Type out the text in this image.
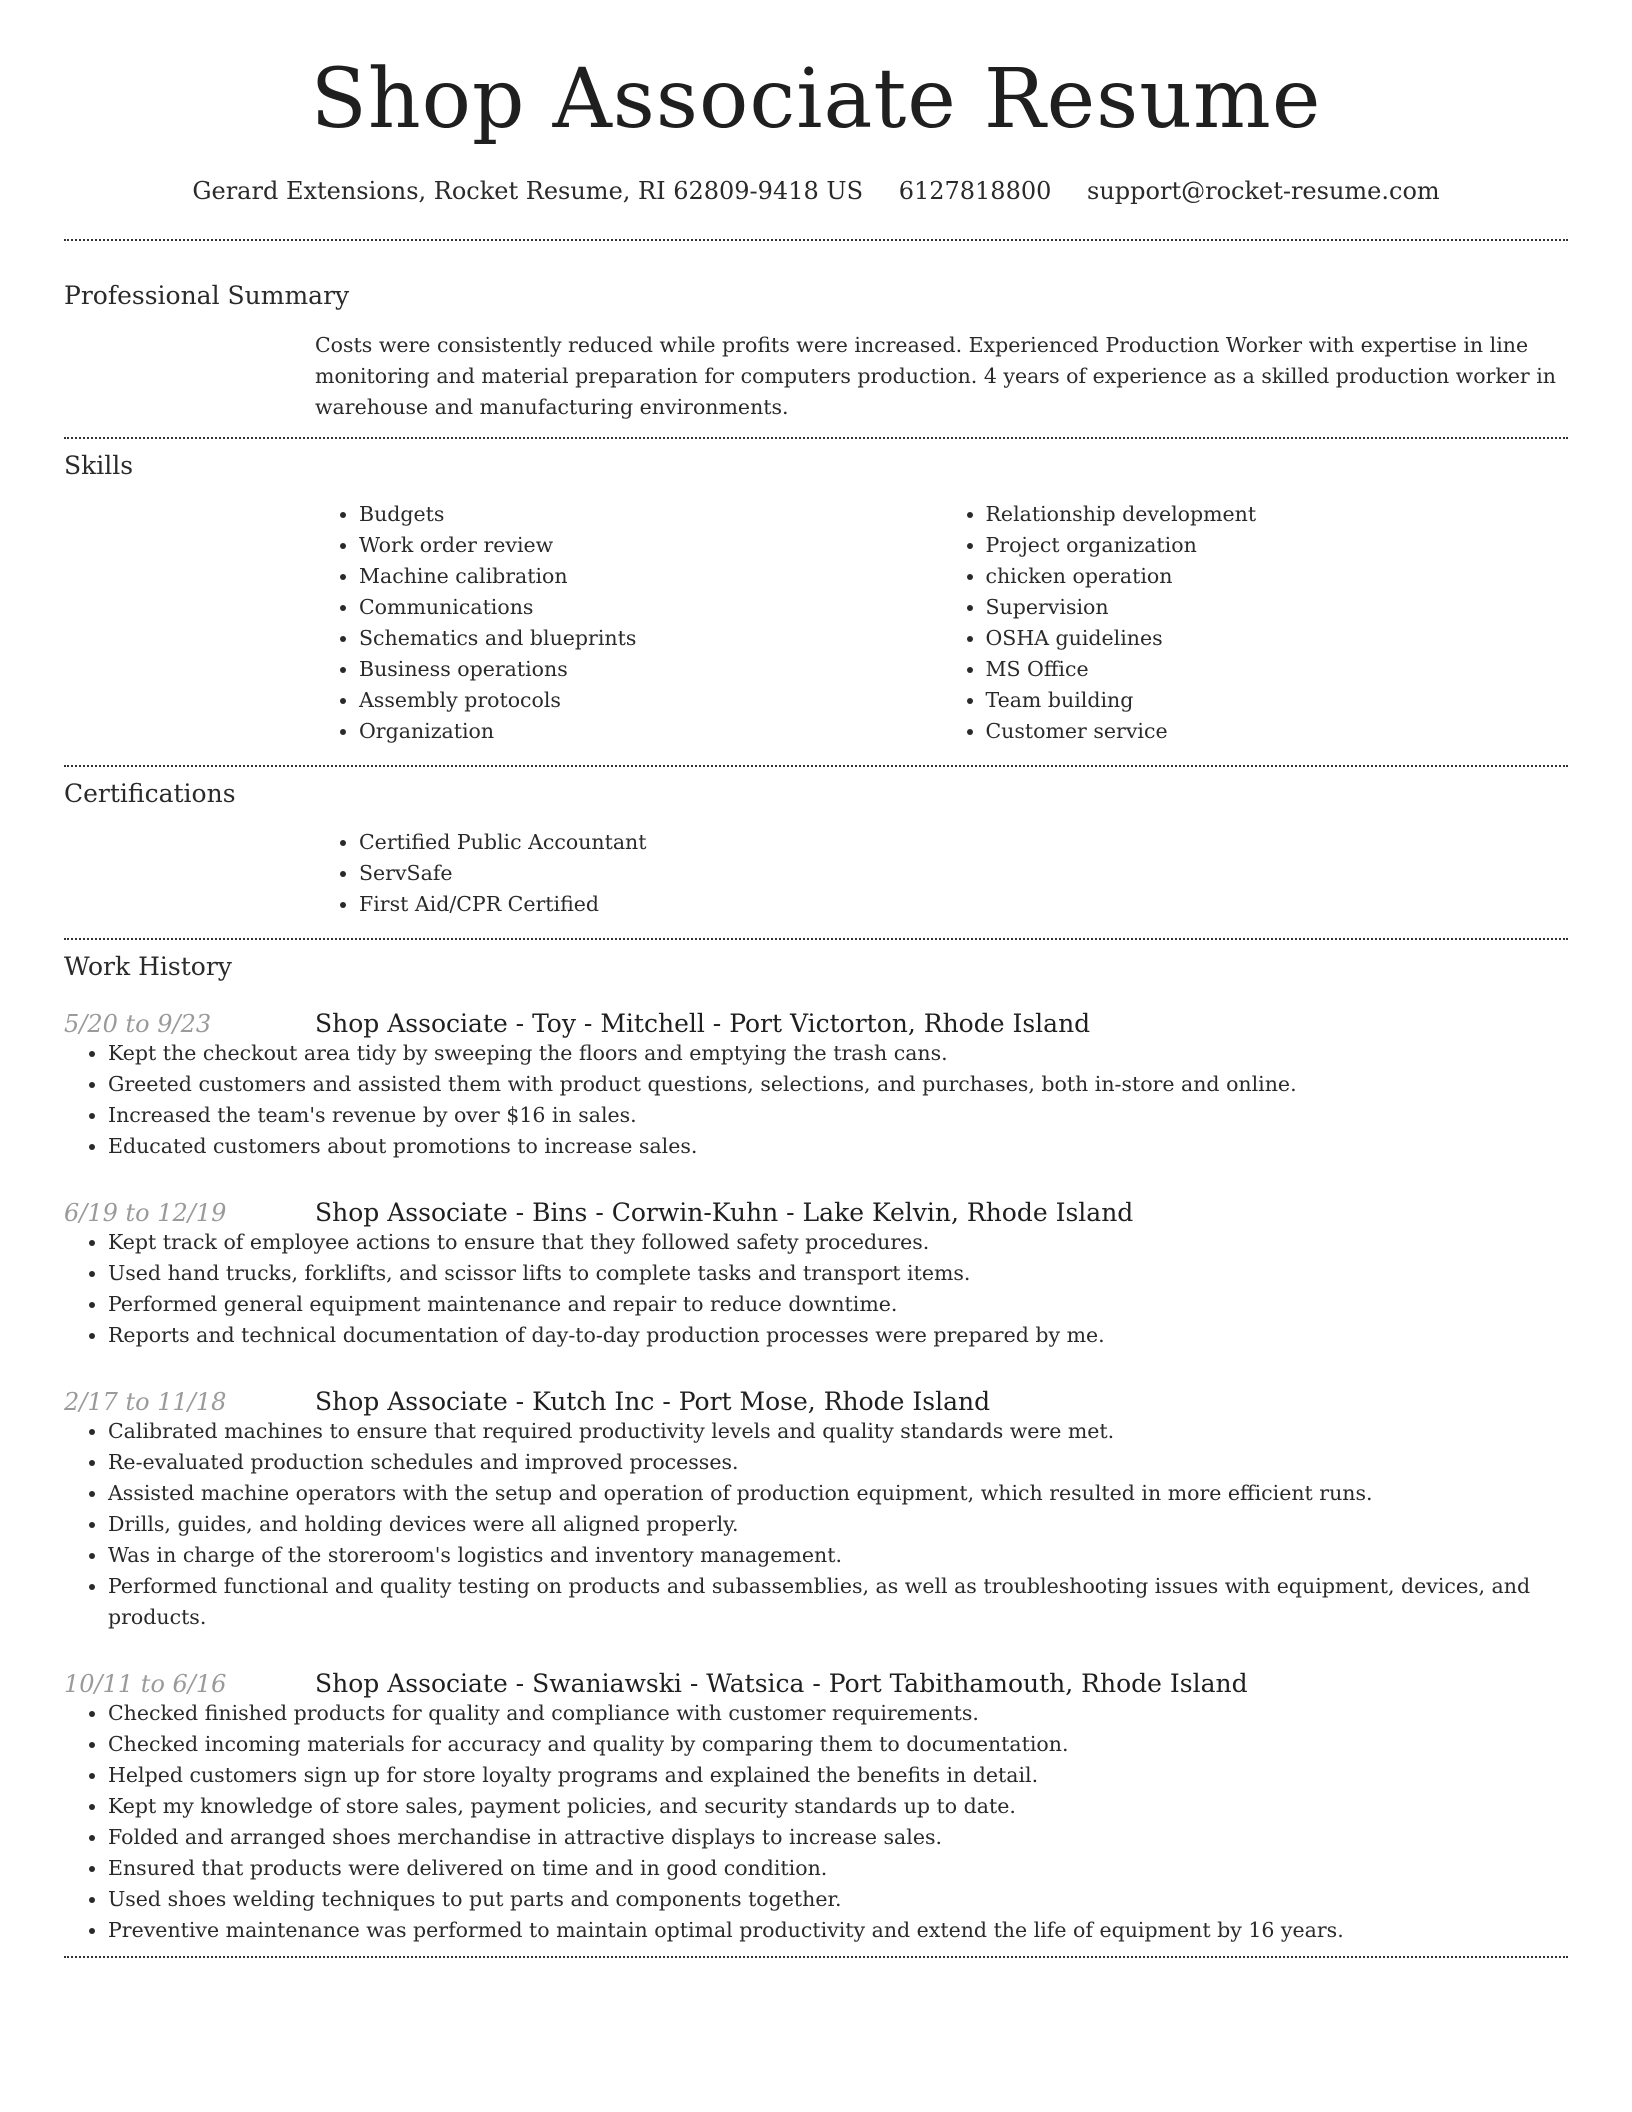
Shop Associate Resume
Gerard Extensions, Rocket Resume, RI 62809-9418 US 6127818800 support@rocket-resume.com
Professional Summary
Costs were consistently reduced while profits were increased. Experienced Production Worker with expertise in line monitoring and material preparation for computers production. 4 years of experience as a skilled production worker in warehouse and manufacturing environments.
Skills
• Budgets
• Work order review
• Machine calibration
• Communications
• Schematics and blueprints
• Business operations
• Assembly protocols
• Organization
• Relationship development
• Project organization
• chicken operation
• Supervision
• OSHA guidelines
• MS Office
• Team building
• Customer service
Certifications
• Certified Public Accountant
• ServSafe
• First Aid/CPR Certified
Work History
5/20 to 9/23	Shop Associate - Toy - Mitchell - Port Victorton, Rhode Island
• Kept the checkout area tidy by sweeping the floors and emptying the trash cans.
• Greeted customers and assisted them with product questions, selections, and purchases, both in-store and online.
• Increased the team's revenue by over $16 in sales.
• Educated customers about promotions to increase sales.
6/19 to 12/19	Shop Associate - Bins - Corwin-Kuhn - Lake Kelvin, Rhode Island
• Kept track of employee actions to ensure that they followed safety procedures.
• Used hand trucks, forklifts, and scissor lifts to complete tasks and transport items.
• Performed general equipment maintenance and repair to reduce downtime.
• Reports and technical documentation of day-to-day production processes were prepared by me.
2/17 to 11/18	Shop Associate - Kutch Inc - Port Mose, Rhode Island
• Calibrated machines to ensure that required productivity levels and quality standards were met.
• Re-evaluated production schedules and improved processes.
• Assisted machine operators with the setup and operation of production equipment, which resulted in more efficient runs.
• Drills, guides, and holding devices were all aligned properly.
• Was in charge of the storeroom's logistics and inventory management.
• Performed functional and quality testing on products and subassemblies, as well as troubleshooting issues with equipment, devices, and products.
10/11 to 6/16	Shop Associate - Swaniawski - Watsica - Port Tabithamouth, Rhode Island
• Checked finished products for quality and compliance with customer requirements.
• Checked incoming materials for accuracy and quality by comparing them to documentation.
• Helped customers sign up for store loyalty programs and explained the benefits in detail.
• Kept my knowledge of store sales, payment policies, and security standards up to date.
• Folded and arranged shoes merchandise in attractive displays to increase sales.
• Ensured that products were delivered on time and in good condition.
• Used shoes welding techniques to put parts and components together.
• Preventive maintenance was performed to maintain optimal productivity and extend the life of equipment by 16 years.
